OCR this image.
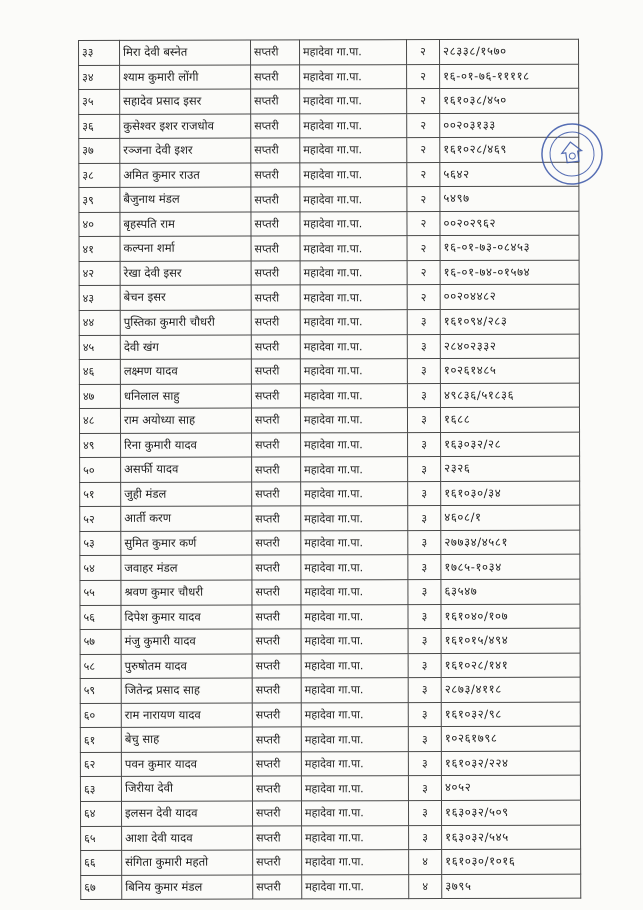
३३	मिरा देवी बस्नेत	सप्तरी	महादेवा गा.पा.	२	२८३३८/१५७०
३४	श्याम कुमारी लोंगी	सप्तरी	महादेवा गा.पा.	२	१६-०१-७६-११११८
३५	सहादेव प्रसाद इसर	सप्तरी	महादेवा गा.पा.	२	१६१०३८/४५०
३६	कुसेश्वर इशर राजधोव	सप्तरी	महादेवा गा.पा.	२	००२०३१३३
३७	रञ्जना देवी इशर	सप्तरी	महादेवा गा.पा.	२	१६१०२८/४६९
३८	अमित कुमार राउत	सप्तरी	महादेवा गा.पा.	२	५६४२
३९	बैजुनाथ मंडल	सप्तरी	महादेवा गा.पा.	२	५४९७
४०	बृहस्पति राम	सप्तरी	महादेवा गा.पा.	२	००२०२९६२
४१	कल्पना शर्मा	सप्तरी	महादेवा गा.पा.	२	१६-०१-७३-०८४५३
४२	रेखा देवी इसर	सप्तरी	महादेवा गा.पा.	२	१६-०१-७४-०१५७४
४३	बेचन इसर	सप्तरी	महादेवा गा.पा.	२	००२०४४८२
४४	पुस्तिका कुमारी चौधरी	सप्तरी	महादेवा गा.पा.	३	१६१०९४/२८३
४५	देवी खंग	सप्तरी	महादेवा गा.पा.	३	२८४०२३३२
४६	लक्ष्मण यादव	सप्तरी	महादेवा गा.पा.	३	१०२६१४८५
४७	धनिलाल साहु	सप्तरी	महादेवा गा.पा.	३	४९८३६/५१८३६
४८	राम अयोध्या साह	सप्तरी	महादेवा गा.पा.	३	१६८८
४९	रिना कुमारी यादव	सप्तरी	महादेवा गा.पा.	३	१६३०३२/२८
५०	असर्फी यादव	सप्तरी	महादेवा गा.पा.	३	२३२६
५१	जुही मंडल	सप्तरी	महादेवा गा.पा.	३	१६१०३०/३४
५२	आर्ती करण	सप्तरी	महादेवा गा.पा.	३	४६०८/१
५३	सुमित कुमार कर्ण	सप्तरी	महादेवा गा.पा.	३	२७७३४/४५८१
५४	जवाहर मंडल	सप्तरी	महादेवा गा.पा.	३	१७८५-१०३४
५५	श्रवण कुमार चौधरी	सप्तरी	महादेवा गा.पा.	३	६३५४७
५६	दिपेश कुमार यादव	सप्तरी	महादेवा गा.पा.	३	१६१०४०/१०७
५७	मंजु कुमारी यादव	सप्तरी	महादेवा गा.पा.	३	१६१०१५/४९४
५८	पुरुषोतम यादव	सप्तरी	महादेवा गा.पा.	३	१६१०२८/१४१
५९	जितेन्द्र प्रसाद साह	सप्तरी	महादेवा गा.पा.	३	२८७३/४११८
६०	राम नारायण यादव	सप्तरी	महादेवा गा.पा.	३	१६१०३२/९८
६१	बेचु साह	सप्तरी	महादेवा गा.पा.	३	१०२६१७९८
६२	पवन कुमार यादव	सप्तरी	महादेवा गा.पा.	३	१६१०३२/२२४
६३	जिरीया देवी	सप्तरी	महादेवा गा.पा.	३	४०५२
६४	इलसन देवी यादव	सप्तरी	महादेवा गा.पा.	३	१६३०३२/५०९
६५	आशा देवी यादव	सप्तरी	महादेवा गा.पा.	३	१६३०३२/५४५
६६	संगिता कुमारी महतो	सप्तरी	महादेवा गा.पा.	४	१६१०३०/१०१६
६७	बिनिय कुमार मंडल	सप्तरी	महादेवा गा.पा.	४	३७९५
